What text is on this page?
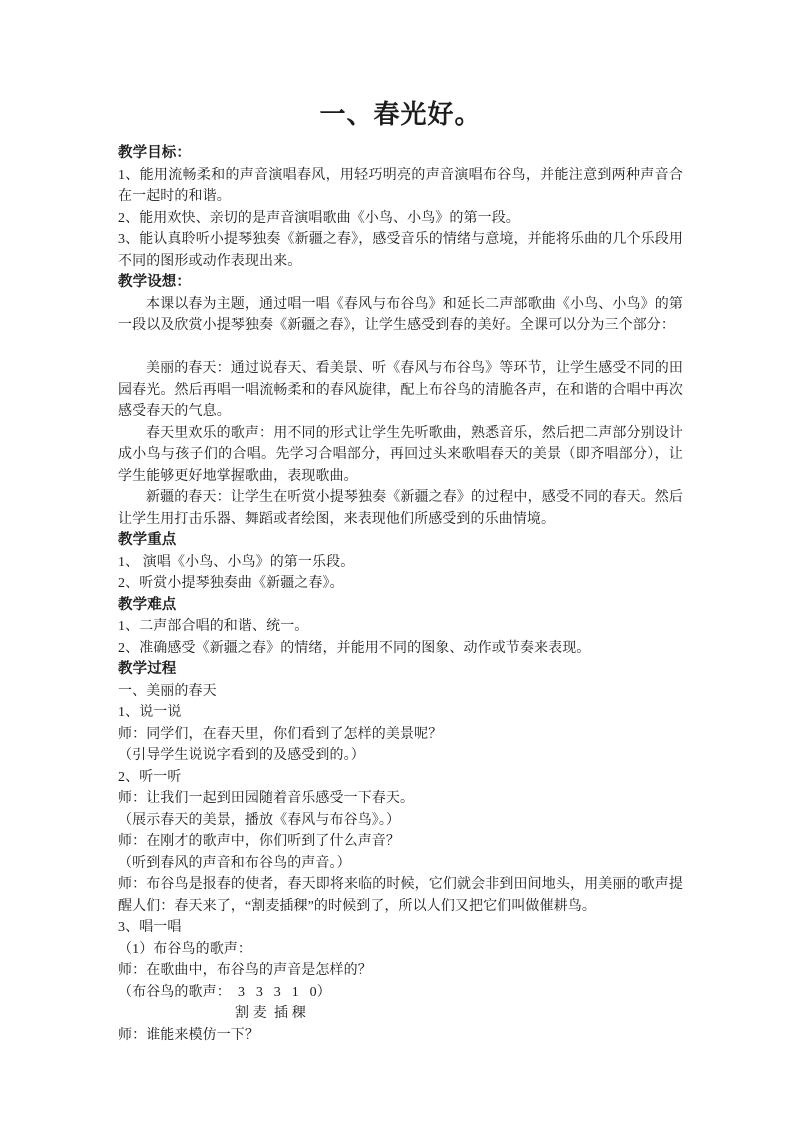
一、春光好。

教学目标：

1、能用流畅柔和的声音演唱春风，用轻巧明亮的声音演唱布谷鸟，并能注意到两种声音合在一起时的和谐。

2、能用欢快、亲切的是声音演唱歌曲《小鸟、小鸟》的第一段。

3、能认真聆听小提琴独奏《新疆之春》，感受音乐的情绪与意境，并能将乐曲的几个乐段用不同的图形或动作表现出来。

教学设想：

本课以春为主题，通过唱一唱《春风与布谷鸟》和延长二声部歌曲《小鸟、小鸟》的第一段以及欣赏小提琴独奏《新疆之春》，让学生感受到春的美好。全课可以分为三个部分：

美丽的春天：通过说春天、看美景、听《春风与布谷鸟》等环节，让学生感受不同的田园春光。然后再唱一唱流畅柔和的春风旋律，配上布谷鸟的清脆各声，在和谐的合唱中再次感受春天的气息。

春天里欢乐的歌声：用不同的形式让学生先听歌曲，熟悉音乐，然后把二声部分别设计成小鸟与孩子们的合唱。先学习合唱部分，再回过头来歌唱春天的美景（即齐唱部分），让学生能够更好地掌握歌曲，表现歌曲。

新疆的春天：让学生在听赏小提琴独奏《新疆之春》的过程中，感受不同的春天。然后让学生用打击乐器、舞蹈或者绘图，来表现他们所感受到的乐曲情境。

教学重点

1、 演唱《小鸟、小鸟》的第一乐段。

2、听赏小提琴独奏曲《新疆之春》。

教学难点

1、二声部合唱的和谐、统一。

2、准确感受《新疆之春》的情绪，并能用不同的图象、动作或节奏来表现。

教学过程

一、美丽的春天

1、说一说

师：同学们，在春天里，你们看到了怎样的美景呢？

（引导学生说说字看到的及感受到的。）

2、听一听

师：让我们一起到田园随着音乐感受一下春天。

（展示春天的美景，播放《春风与布谷鸟》。）

师：在刚才的歌声中，你们听到了什么声音？

（听到春风的声音和布谷鸟的声音。）

师：布谷鸟是报春的使者，春天即将来临的时候，它们就会非到田间地头，用美丽的歌声提醒人们：春天来了，“割麦插稞”的时候到了，所以人们又把它们叫做催耕鸟。

3、唱一唱

（1）布谷鸟的歌声：

师：在歌曲中，布谷鸟的声音是怎样的？

（布谷鸟的歌声：  3   3   3   1   0）

割 麦  插 稞

师：谁能来模仿一下？
